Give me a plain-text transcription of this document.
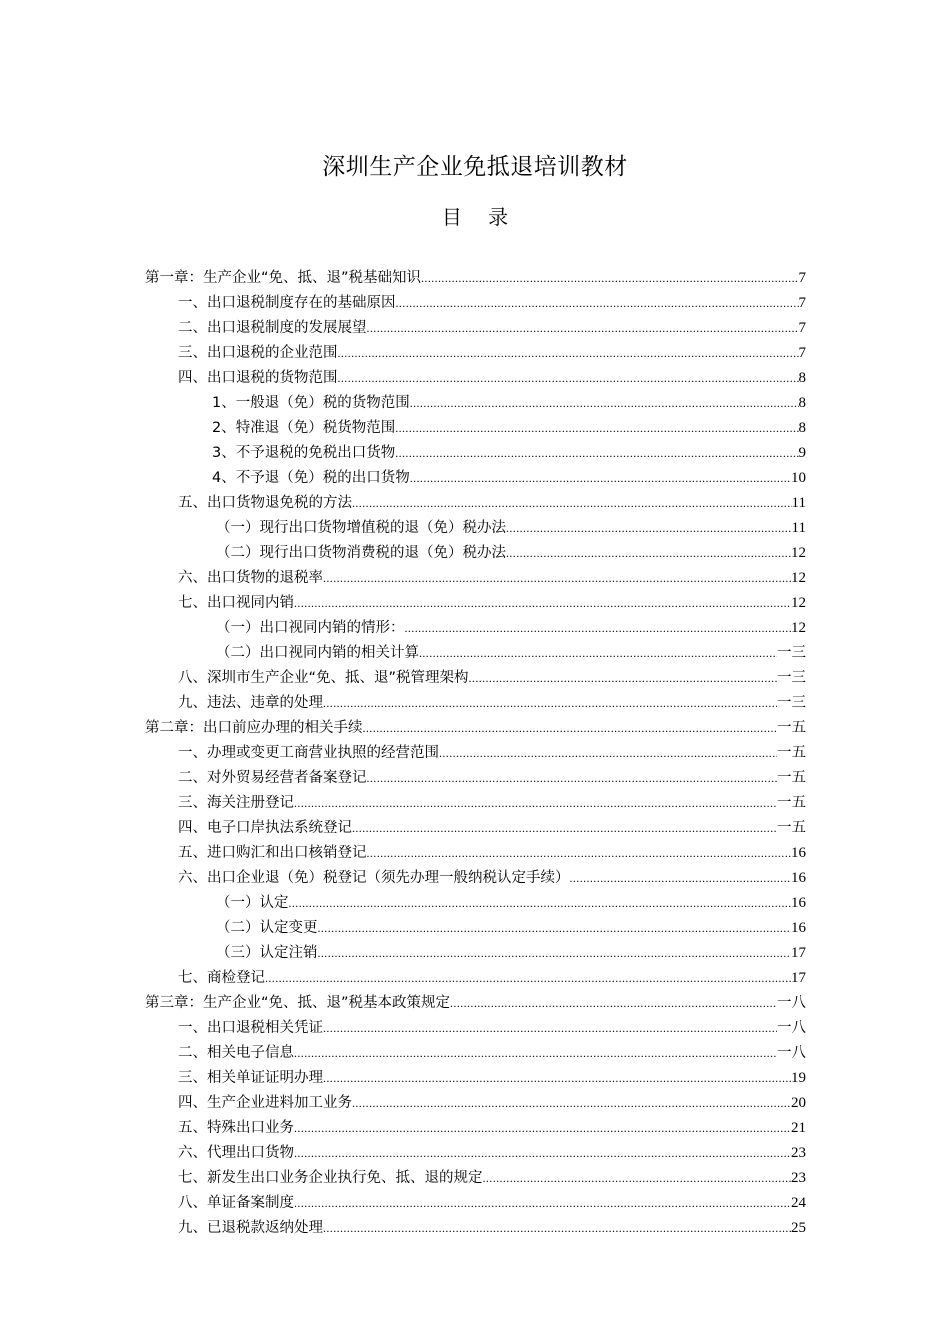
深圳生产企业免抵退培训教材
目 录
第一章：生产企业“免、抵、退”税基础知识 .....	7
一、出口退税制度存在的基础原因 .....	7
二、出口退税制度的发展展望 .....	7
三、出口退税的企业范围 .....	7
四、出口退税的货物范围 .....	8
1、一般退（免）税的货物范围 .....	8
2、特准退（免）税货物范围 .....	8
3、不予退税的免税出口货物 .....	9
4、不予退（免）税的出口货物 .....	10
五、出口货物退免税的方法 .....	11
（一）现行出口货物增值税的退（免）税办法 .....	11
（二）现行出口货物消费税的退（免）税办法 .....	12
六、出口货物的退税率 .....	12
七、出口视同内销 .....	12
（一）出口视同内销的情形： .....	12
（二）出口视同内销的相关计算 .....	一三
八、深圳市生产企业“免、抵、退”税管理架构 .....	一三
九、违法、违章的处理 .....	一三
第二章：出口前应办理的相关手续 .....	一五
一、办理或变更工商营业执照的经营范围 .....	一五
二、对外贸易经营者备案登记 .....	一五
三、海关注册登记 .....	一五
四、电子口岸执法系统登记 .....	一五
五、进口购汇和出口核销登记 .....	16
六、出口企业退（免）税登记（须先办理一般纳税认定手续） .....	16
（一）认定 .....	16
（二）认定变更 .....	16
（三）认定注销 .....	17
七、商检登记 .....	17
第三章：生产企业“免、抵、退”税基本政策规定 .....	一八
一、出口退税相关凭证 .....	一八
二、相关电子信息 .....	一八
三、相关单证证明办理 .....	19
四、生产企业进料加工业务 .....	20
五、特殊出口业务 .....	21
六、代理出口货物 .....	23
七、新发生出口业务企业执行免、抵、退的规定 .....	23
八、单证备案制度 .....	24
九、已退税款返纳处理 .....	25
